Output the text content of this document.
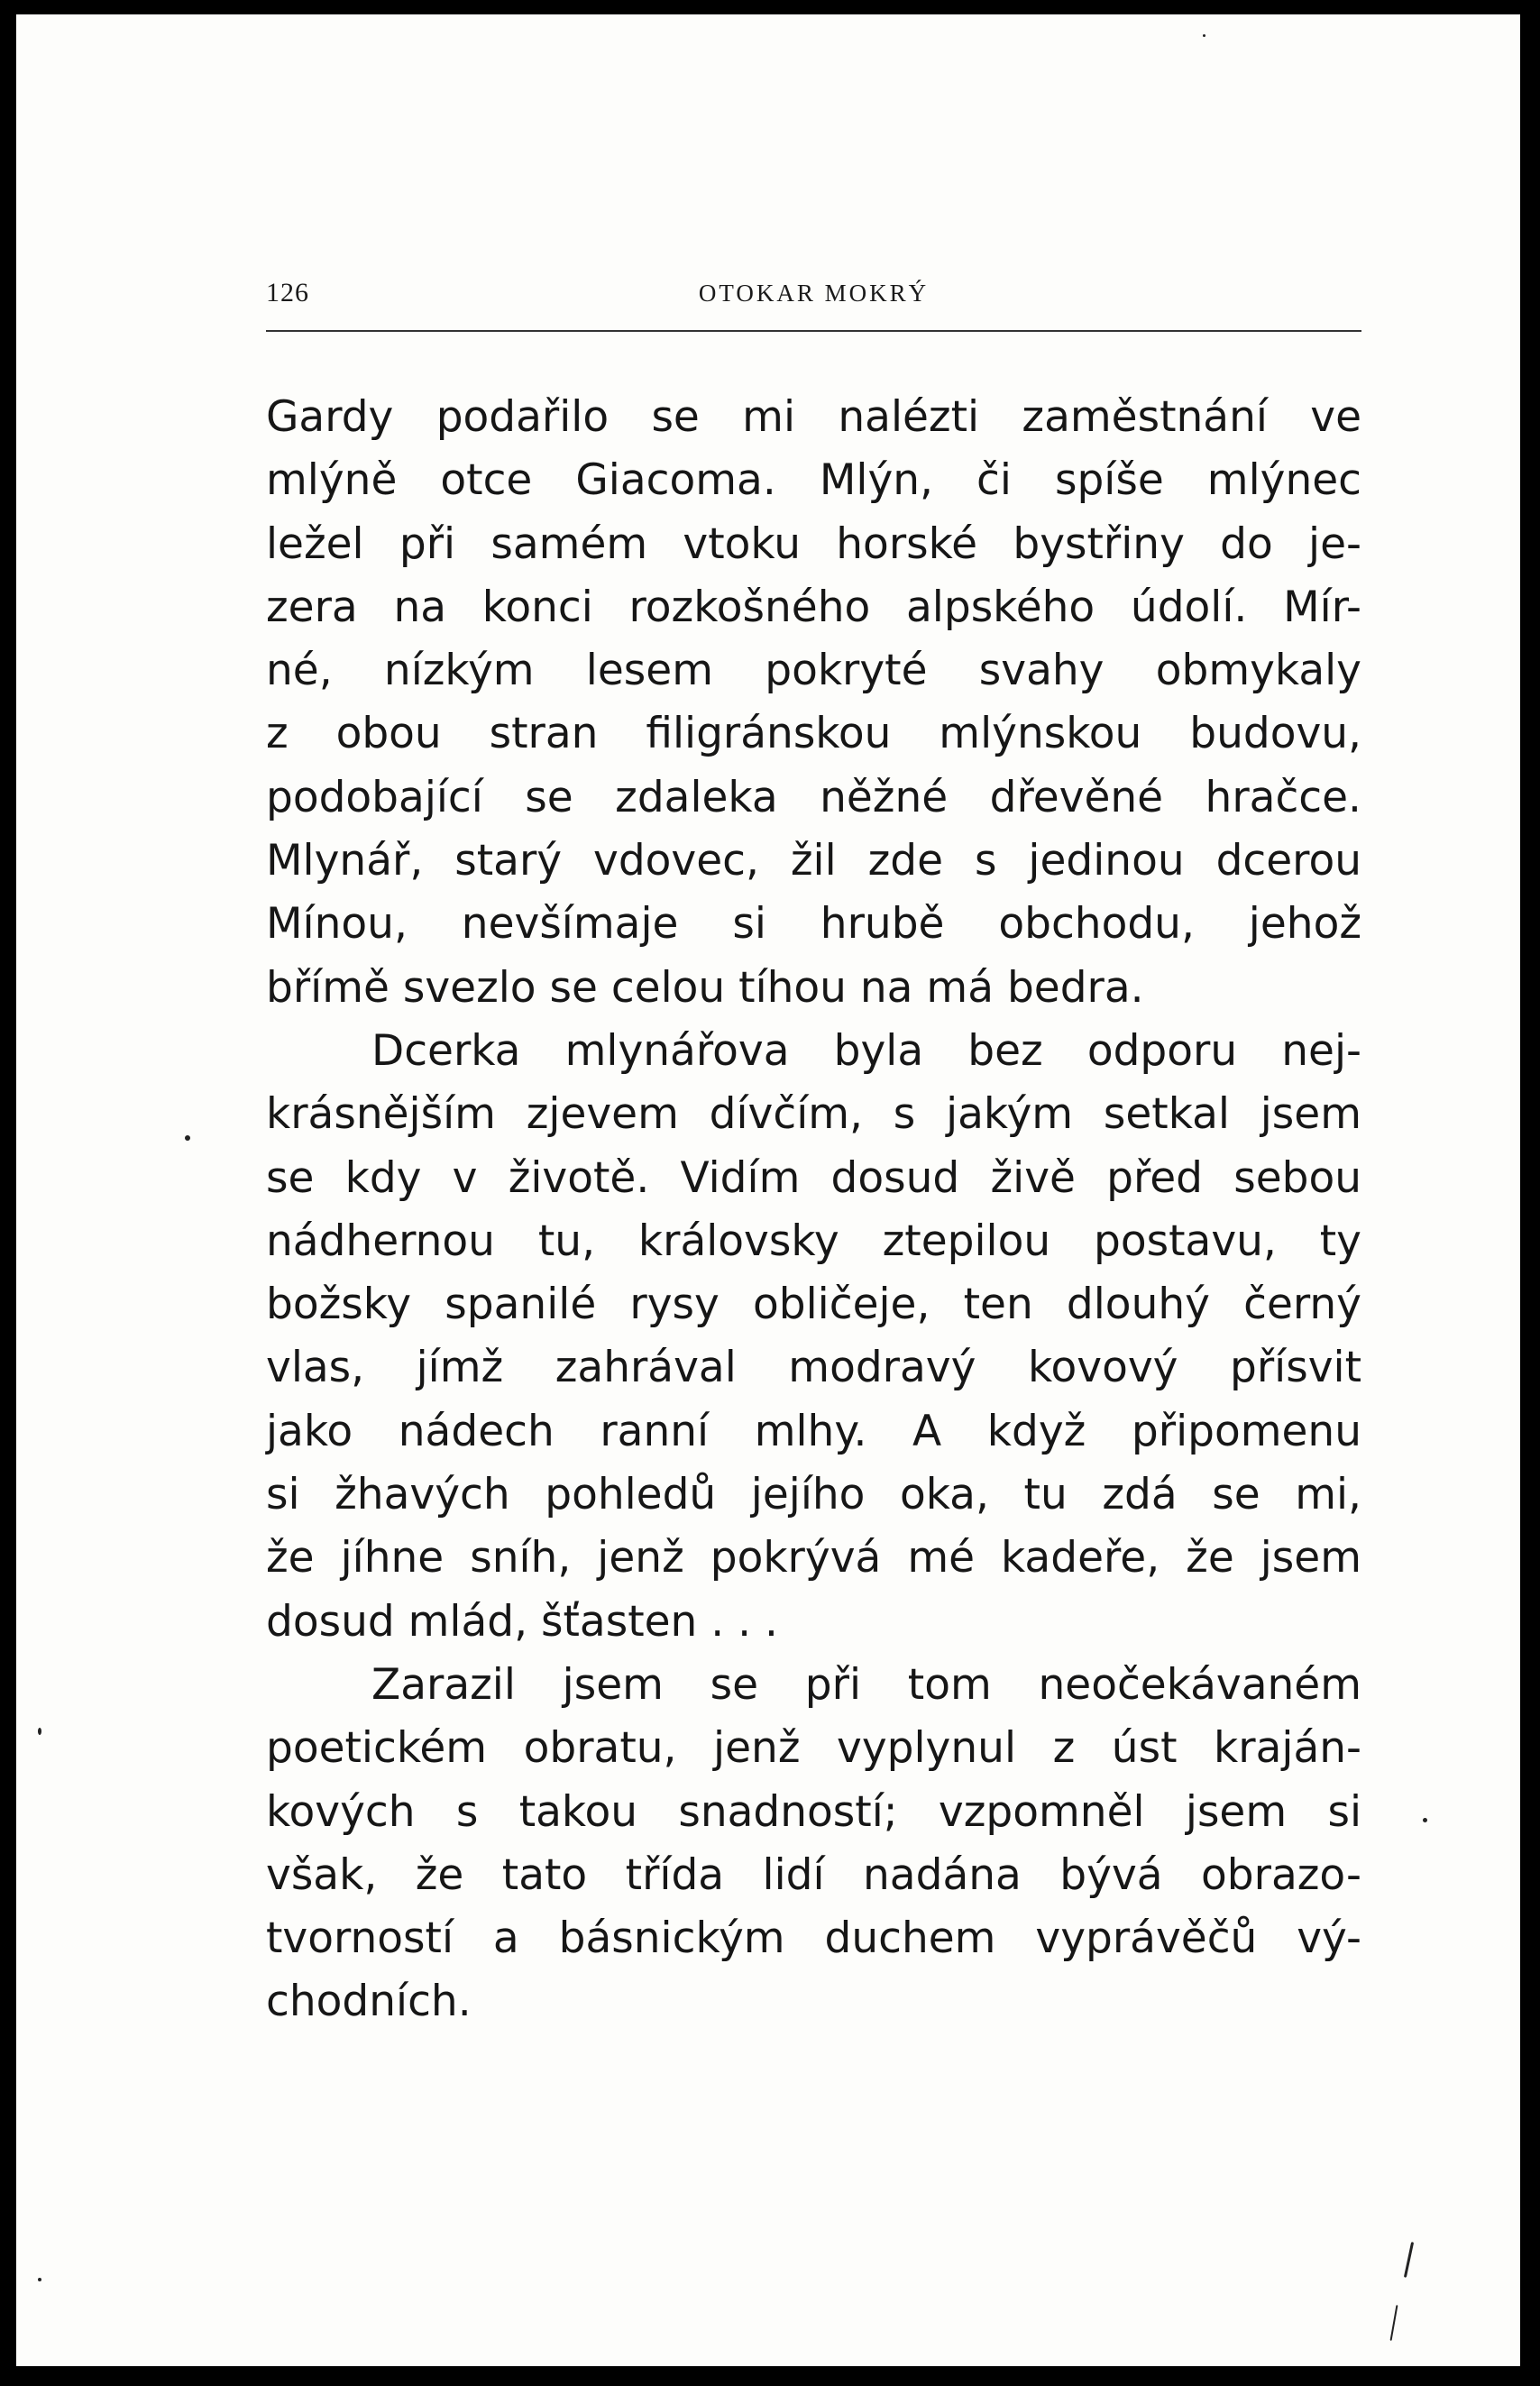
126	OTOKAR MOKRÝ
Gardy podařilo se mi nalézti zaměstnání ve
mlýně otce Giacoma. Mlýn, či spíše mlýnec
ležel při samém vtoku horské bystřiny do je-
zera na konci rozkošného alpského údolí. Mír-
né, nízkým lesem pokryté svahy obmykaly
z obou stran filigránskou mlýnskou budovu,
podobající se zdaleka něžné dřevěné hračce.
Mlynář, starý vdovec, žil zde s jedinou dcerou
Mínou, nevšímaje si hrubě obchodu, jehož
břímě svezlo se celou tíhou na má bedra.
Dcerka mlynářova byla bez odporu nej-
krásnějším zjevem dívčím, s jakým setkal jsem
se kdy v životě. Vidím dosud živě před sebou
nádhernou tu, královsky ztepilou postavu, ty
božsky spanilé rysy obličeje, ten dlouhý černý
vlas, jímž zahrával modravý kovový přísvit
jako nádech ranní mlhy. A když připomenu
si žhavých pohledů jejího oka, tu zdá se mi,
že jíhne sníh, jenž pokrývá mé kadeře, že jsem
dosud mlád, šťasten . . .
Zarazil jsem se při tom neočekávaném
poetickém obratu, jenž vyplynul z úst kraján-
kových s takou snadností; vzpomněl jsem si
však, že tato třída lidí nadána bývá obrazo-
tvorností a básnickým duchem vyprávěčů vý-
chodních.
